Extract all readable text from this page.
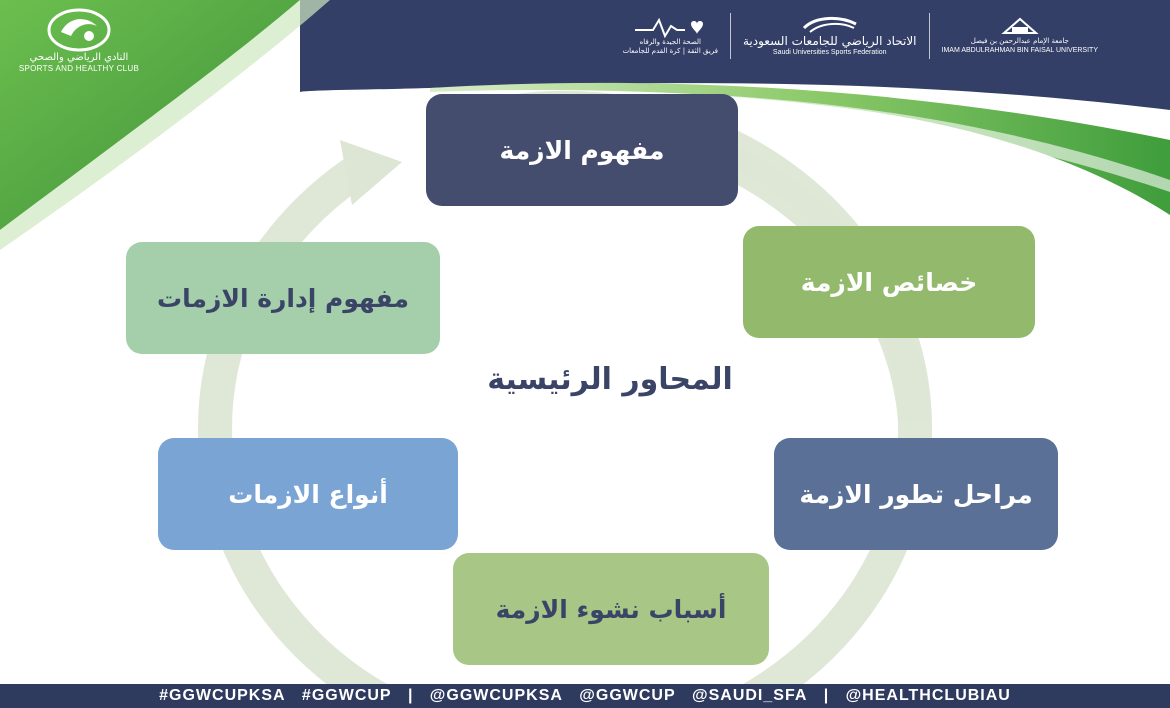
النادي الرياضي والصحي
SPORTS AND HEALTHY CLUB
الصحة الجيدة والرفاه
فريق الثقة | كرة القدم للجامعات
الاتحاد الرياضي للجامعات السعودية
Saudi Universities Sports Federation
جامعة الإمام عبدالرحمن بن فيصل
IMAM ABDULRAHMAN BIN FAISAL UNIVERSITY
مفهوم الازمة
خصائص الازمة
مراحل تطور الازمة
أسباب نشوء الازمة
أنواع الازمات
مفهوم إدارة الازمات
المحاور الرئيسية
#GGWCUPKSA
#GGWCUP
|
@GGWCUPKSA
@GGWCUP
@SAUDI_SFA
|
@HEALTHCLUBIAU
